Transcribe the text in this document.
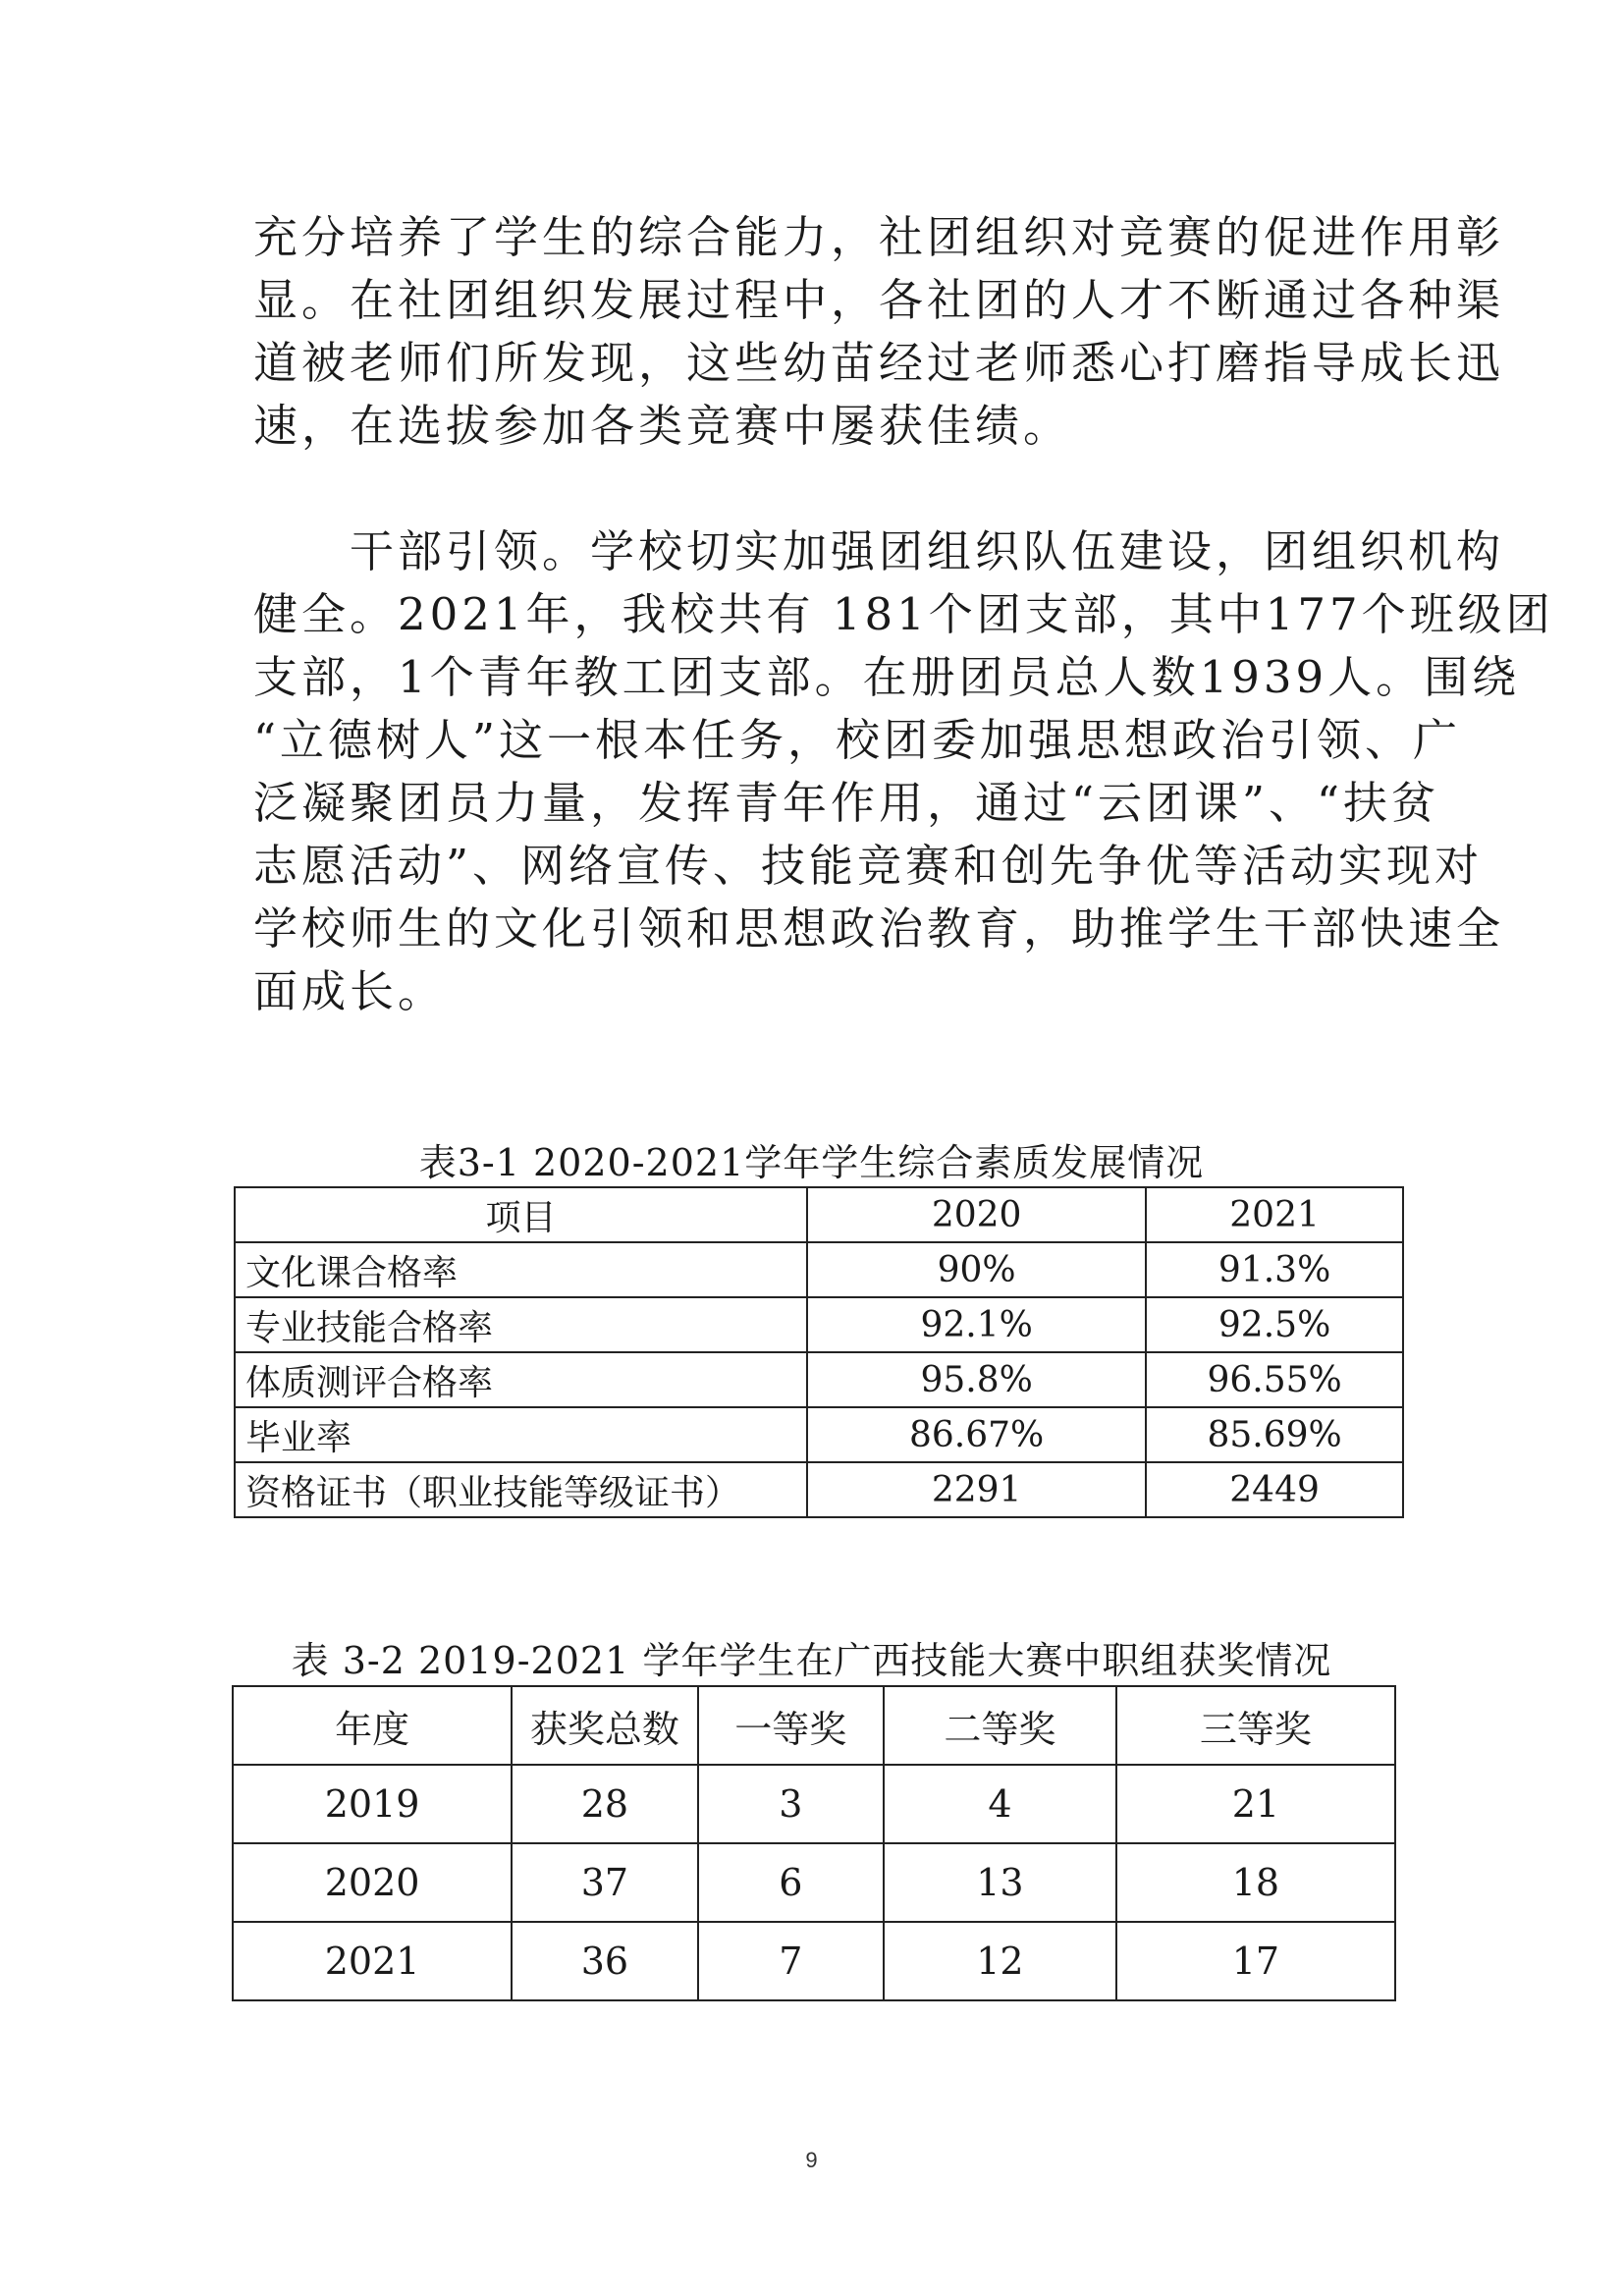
充分培养了学生的综合能力，社团组织对竞赛的促进作用彰
显。在社团组织发展过程中，各社团的人才不断通过各种渠
道被老师们所发现，这些幼苗经过老师悉心打磨指导成长迅
速，在选拔参加各类竞赛中屡获佳绩。
　　干部引领。学校切实加强团组织队伍建设，团组织机构
健全。2021年，我校共有 181个团支部，其中177个班级团
支部，1个青年教工团支部。在册团员总人数1939人。围绕
“立德树人”这一根本任务，校团委加强思想政治引领、广
泛凝聚团员力量，发挥青年作用，通过“云团课”、“扶贫
志愿活动”、网络宣传、技能竞赛和创先争优等活动实现对
学校师生的文化引领和思想政治教育，助推学生干部快速全
面成长。
表3-1 2020-2021学年学生综合素质发展情况
项目	2020	2021
文化课合格率	90%	91.3%
专业技能合格率	92.1%	92.5%
体质测评合格率	95.8%	96.55%
毕业率	86.67%	85.69%
资格证书（职业技能等级证书）	2291	2449
表 3-2 2019-2021 学年学生在广西技能大赛中职组获奖情况
年度	获奖总数	一等奖	二等奖	三等奖
2019	28	3	4	21
2020	37	6	13	18
2021	36	7	12	17
9
